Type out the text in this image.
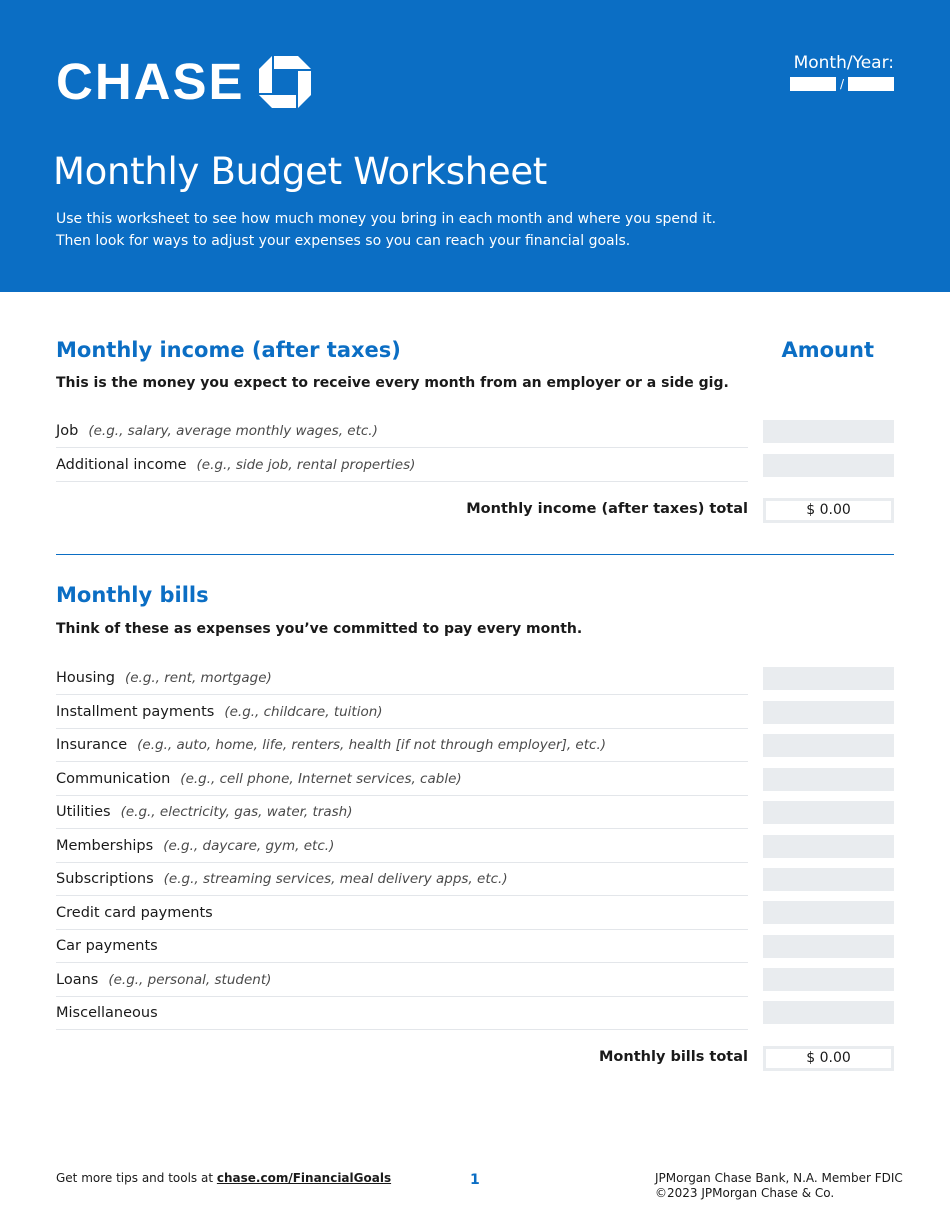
CHASE	Month/Year:
/
Monthly Budget Worksheet

Use this worksheet to see how much money you bring in each month and where you spend it.

Then look for ways to adjust your expenses so you can reach your financial goals.

Monthly income (after taxes)	Amount
This is the money you expect to receive every month from an employer or a side gig.
Job (e.g., salary, average monthly wages, etc.)
Additional income (e.g., side job, rental properties)
Monthly income (after taxes) total	$ 0.00
Monthly bills
Think of these as expenses you’ve committed to pay every month.
Housing (e.g., rent, mortgage)
Installment payments (e.g., childcare, tuition)
Insurance (e.g., auto, home, life, renters, health [if not through employer], etc.)
Communication (e.g., cell phone, Internet services, cable)
Utilities (e.g., electricity, gas, water, trash)
Memberships (e.g., daycare, gym, etc.)
Subscriptions (e.g., streaming services, meal delivery apps, etc.)
Credit card payments
Car payments
Loans (e.g., personal, student)
Miscellaneous
Monthly bills total	$ 0.00
Get more tips and tools at chase.com/FinancialGoals	1	JPMorgan Chase Bank, N.A. Member FDIC
©2023 JPMorgan Chase & Co.
